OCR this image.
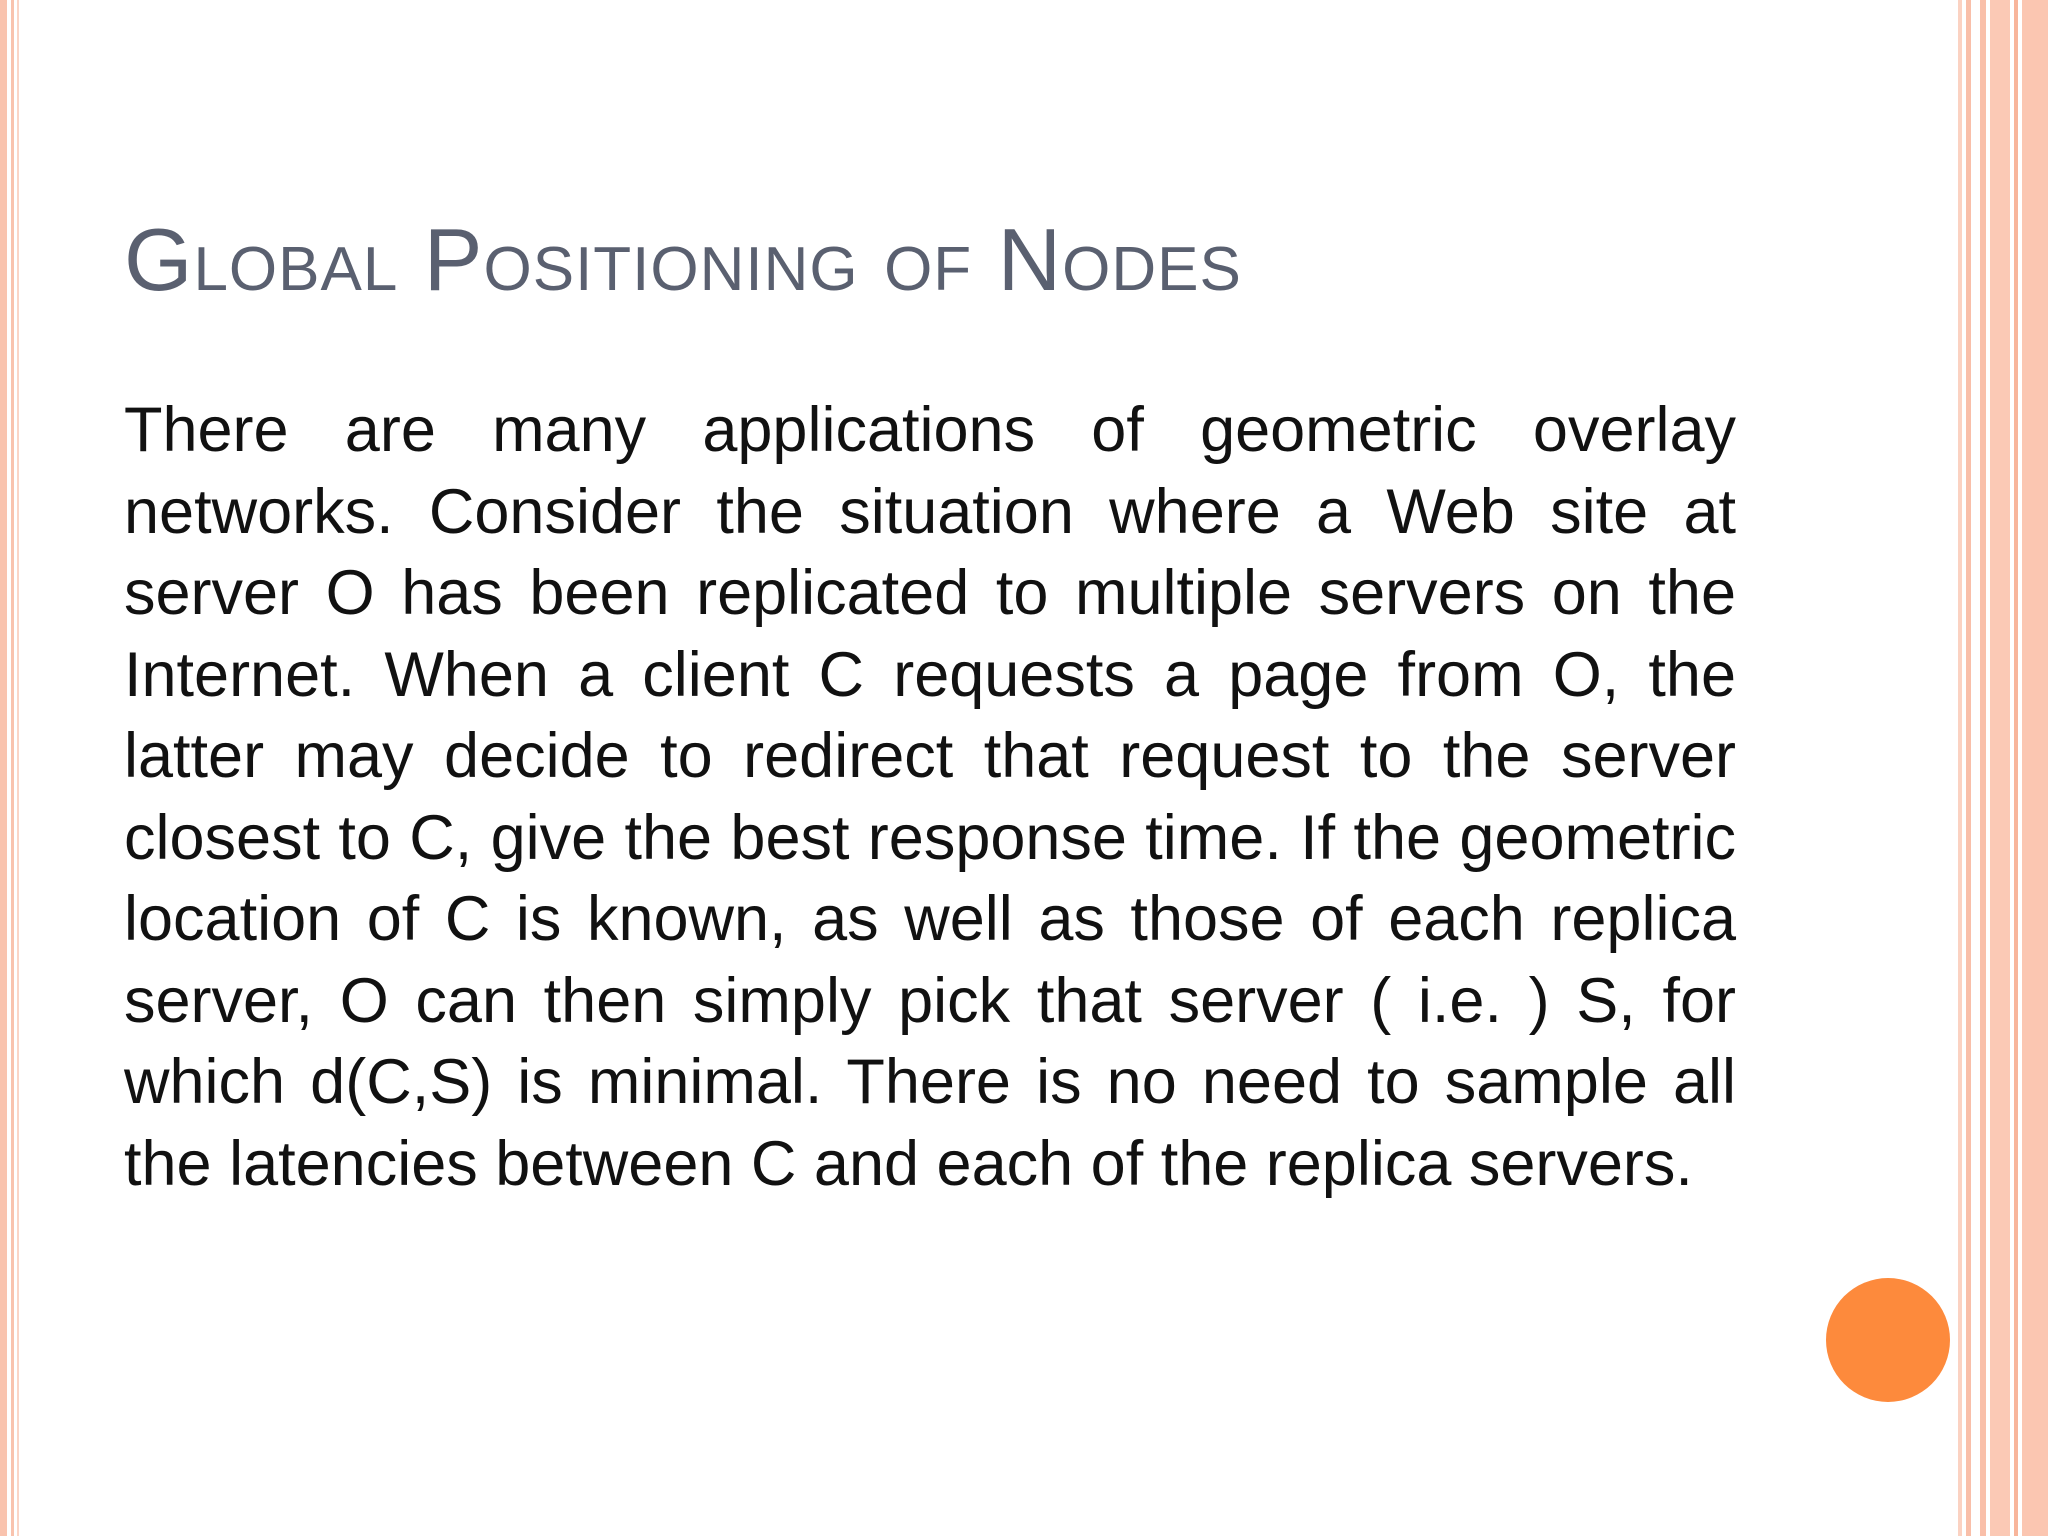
Global Positioning of Nodes

There are many applications of geometric overlay networks. Consider the situation where a Web site at server O has been replicated to multiple servers on the Internet. When a client C requests a page from O, the latter may decide to redirect that request to the server closest to C, give the best response time. If the geometric location of C is known, as well as those of each replica server, O can then simply pick that server ( i.e. ) S, for which d(C,S) is minimal. There is no need to sample all the latencies between C and each of the replica servers.
